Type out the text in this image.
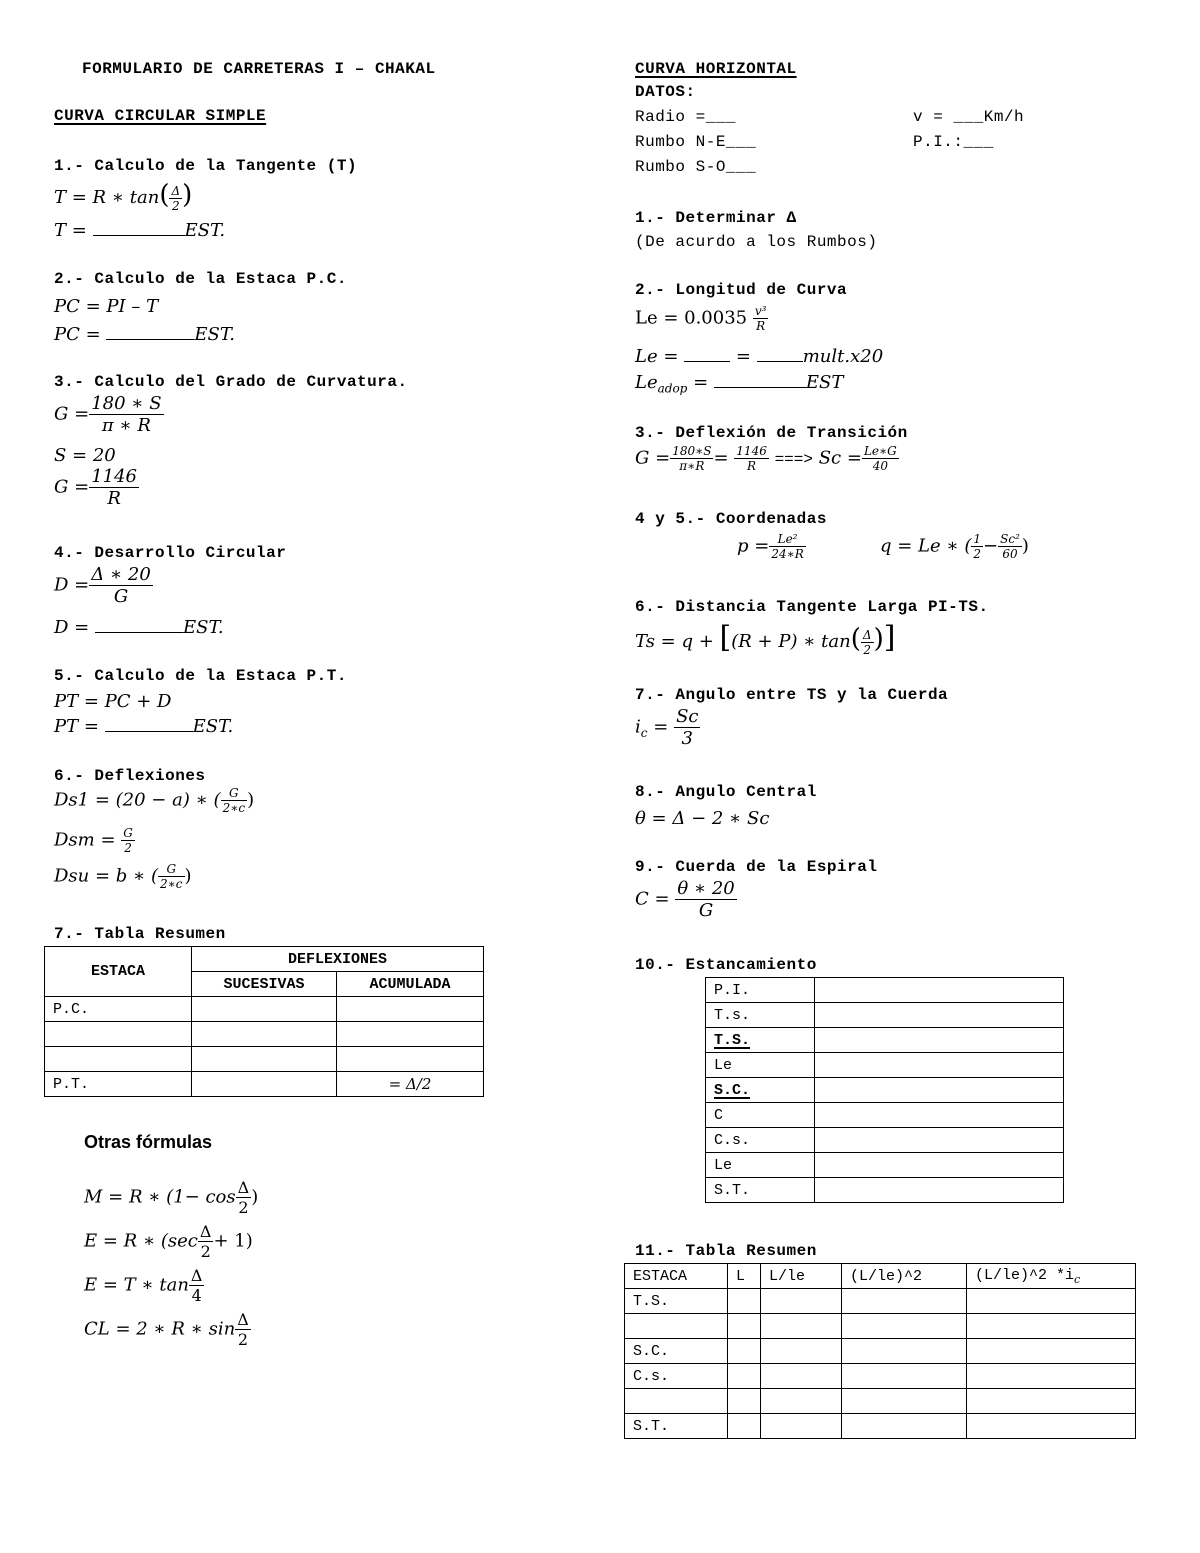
FORMULARIO DE CARRETERAS I – CHAKAL
CURVA CIRCULAR SIMPLE
1.- Calculo de la Tangente (T)
T = R ∗ $\tan( \frac{\Delta}{2}$ )
T =	EST.
2.- Calculo de la Estaca P.C.
PC = PI – T
PC =	EST.
3.- Calculo del Grado de Curvatura.
$G = \frac{180 ∗ S}{\pi ∗ R}$
S = 20
$G = \frac{1146}{R}$
4.- Desarrollo Circular
$D = \frac{\Delta ∗ 20}{G}$
D =	EST.
5.- Calculo de la Estaca P.T.
PT = PC + D
PT =	EST.
6.- Deflexiones
Ds1 = (20 − a) ∗ ( $\frac{G}{2∗c}$ )
Dsm = $\frac{G}{2}$
Dsu = b ∗ ( $\frac{G}{2∗c}$ )
7.- Tabla Resumen
ESTACA	DEFLEXIONES	
	SUCESIVAS	ACUMULADA
P.C.		

P.T.		= Δ/2
Otras fórmulas
M = R ∗ ($1- \cos \frac{\Delta}{2}$ )
E = R ∗ $(\sec \frac{\Delta}{2} + 1)$
E = T ∗ $\tan \frac{\Delta}{4}$
CL = 2 ∗ R ∗ $\sin \frac{\Delta}{2}$
CURVA HORIZONTAL
DATOS:
Radio =___
Rumbo N-E___
Rumbo S-O___
v = ___Km/h
P.I.:___
1.- Determinar Δ
(De acurdo a los Rumbos)
2.- Longitud de Curva
$Le = 0.0035 \frac{\text{v³}}{R}$
Le =	=	mult.x20
$Le_{adop}$ =	EST
3.- Deflexión de Transición
$G = \frac{180∗S}{\pi∗R} = \frac{1146}{R}$ ===> $Sc = \frac{Le∗G}{40}$
4 y 5.- Coordenadas
$p = \frac{\text{Le²}}{24∗R}$	q = Le ∗ ( $\frac{1}{2} - \frac{\text{Sc²}}{60}$ )
6.- Distancia Tangente Larga PI-TS.
Ts = q + [(R + P) ∗ $\tan( \frac{\Delta}{2}$ )]
7.- Angulo entre TS y la Cuerda
$i_c = \frac{Sc}{3}$
8.- Angulo Central
θ = Δ − 2 ∗ Sc
9.- Cuerda de la Espiral
$C = \frac{\theta ∗ 20}{G}$
10.- Estancamiento
P.I.	
T.s.	
T.S.	
Le	
S.C.	
C	
C.s.	
Le	
S.T.	
11.- Tabla Resumen
ESTACA	L	L/le	(L/le)^2	(L/le)^2 $*i_c$
T.S.				

S.C.				
C.s.				

S.T.				
